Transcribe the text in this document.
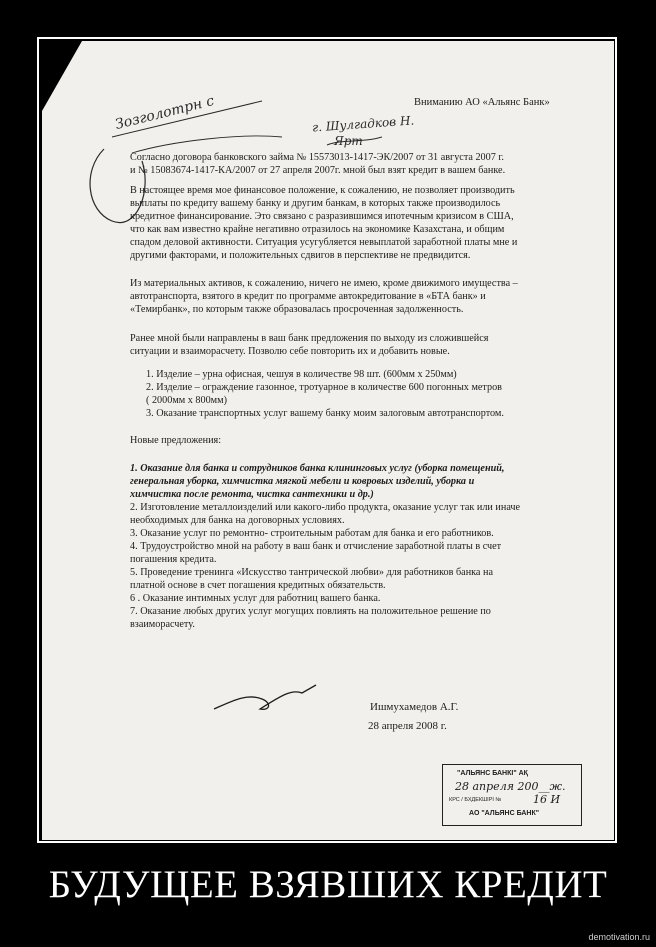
Вниманию АО «Альянс Банк»
Зозголотрн с	г. Шулгадков Н.
Ярт
Согласно договора банковского займа № 15573013-1417-ЭК/2007 от 31 августа 2007 г.
и № 15083674-1417-КА/2007 от 27 апреля 2007г. мной был взят кредит в вашем банке.
В настоящее время мое финансовое положение, к сожалению, не позволяет производить
выплаты по кредиту вашему банку и другим банкам, в которых также производилось
кредитное финансирование. Это связано с разразившимся ипотечным кризисом в США,
что как вам известно крайне негативно отразилось на экономике Казахстана, и общим
спадом деловой активности. Ситуация усугубляется невыплатой заработной платы мне и
другими факторами, и положительных сдвигов в перспективе не предвидится.
Из материальных активов, к сожалению, ничего не имею, кроме движимого имущества –
автотранспорта, взятого в кредит по программе автокредитование в «БТА банк» и
«Темирбанк», по которым также образовалась просроченная задолженность.
Ранее мной были направлены в ваш банк предложения по выходу из сложившейся
ситуации и взаиморасчету. Позволю себе повторить их и добавить новые.
1. Изделие – урна офисная, чешуя в количестве 98 шт. (600мм х 250мм)
2. Изделие – ограждение газонное, тротуарное в количестве 600 погонных метров
( 2000мм х 800мм)
3. Оказание транспортных услуг вашему банку моим залоговым автотранспортом.
Новые предложения:
1. Оказание для банка и сотрудников банка клининговых услуг (уборка помещений,
генеральная уборка, химчистка мягкой мебели и ковровых изделий, уборка и
химчистка после ремонта, чистка сантехники и др.)
2. Изготовление металлоизделий или какого-либо продукта, оказание услуг так или иначе
необходимых для банка на договорных условиях.
3. Оказание услуг по ремонтно- строительным работам для банка и его работников.
4. Трудоустройство мной на работу в ваш банк и отчисление заработной платы в счет
погашения кредита.
5. Проведение тренинга «Искусство тантрической любви» для работников банка на
платной основе в счет погашения кредитных обязательств.
6 . Оказание интимных услуг для работниц вашего банка.
7. Оказание любых других услуг могущих повлиять на положительное решение по
взаиморасчету.
Ишмухамедов А.Г.
28 апреля 2008 г.
"АЛЬЯНС БАНКІ" АҚ
28 апреля 200__ж.
КРС / БХДЕКШІРІ №	16 И
АО "АЛЬЯНС БАНК"
БУДУЩЕЕ ВЗЯВШИХ КРЕДИТ
demotivation.ru
